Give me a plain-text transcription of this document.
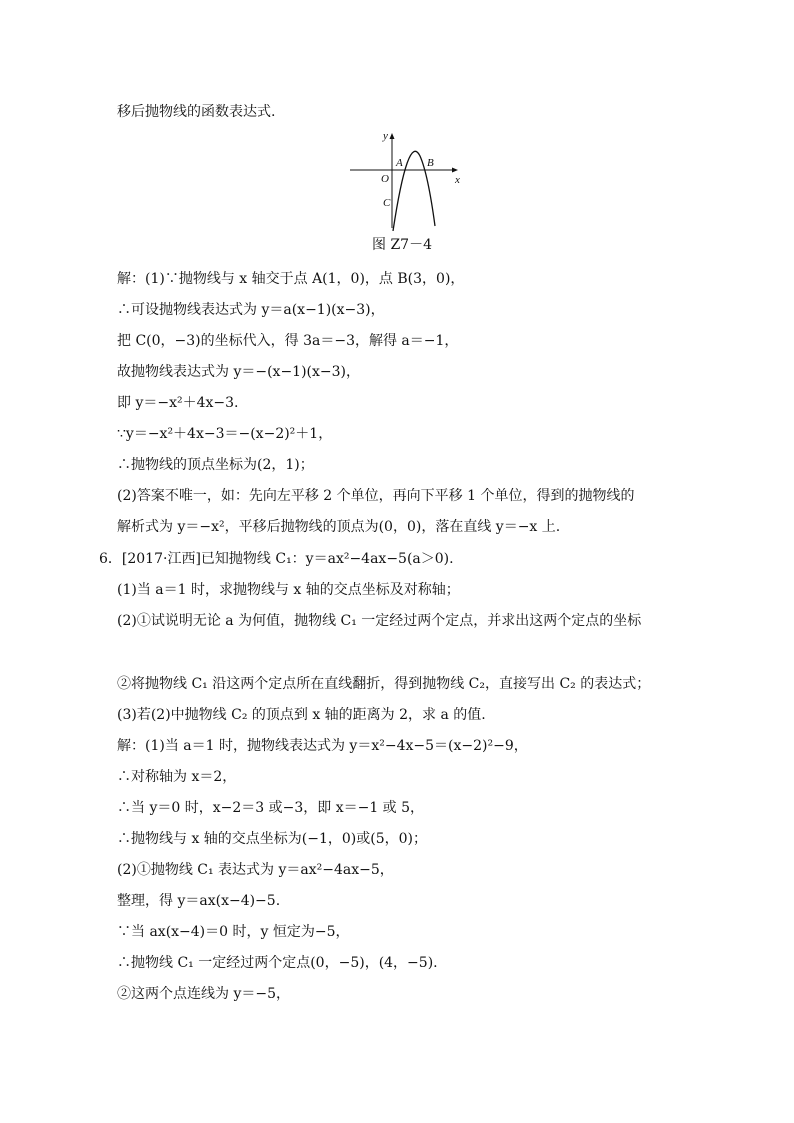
移后抛物线的函数表达式.
y
x
O
A B
C
图 Z7－4
解：(1)∵抛物线与 x 轴交于点 A(1，0)，点 B(3，0)，
∴可设抛物线表达式为 y＝a(x−1)(x−3)，
把 C(0，−3)的坐标代入，得 3a＝−3，解得 a＝−1，
故抛物线表达式为 y＝−(x−1)(x−3)，
即 y＝−x²＋4x−3.
∵y＝−x²＋4x−3＝−(x−2)²＋1，
∴抛物线的顶点坐标为(2，1)；
(2)答案不唯一，如：先向左平移 2 个单位，再向下平移 1 个单位，得到的抛物线的
解析式为 y＝−x²，平移后抛物线的顶点为(0，0)，落在直线 y＝−x 上.
6．[2017·江西]已知抛物线 C₁：y＝ax²−4ax−5(a＞0).
(1)当 a＝1 时，求抛物线与 x 轴的交点坐标及对称轴；
(2)①试说明无论 a 为何值，抛物线 C₁ 一定经过两个定点，并求出这两个定点的坐标
②将抛物线 C₁ 沿这两个定点所在直线翻折，得到抛物线 C₂，直接写出 C₂ 的表达式；
(3)若(2)中抛物线 C₂ 的顶点到 x 轴的距离为 2，求 a 的值.
解：(1)当 a＝1 时，抛物线表达式为 y＝x²−4x−5＝(x−2)²−9，
∴对称轴为 x＝2，
∴当 y＝0 时，x−2＝3 或−3，即 x＝−1 或 5，
∴抛物线与 x 轴的交点坐标为(−1，0)或(5，0)；
(2)①抛物线 C₁ 表达式为 y＝ax²−4ax−5，
整理，得 y＝ax(x−4)−5.
∵当 ax(x−4)＝0 时，y 恒定为−5，
∴抛物线 C₁ 一定经过两个定点(0，−5)，(4，−5).
②这两个点连线为 y＝−5，
